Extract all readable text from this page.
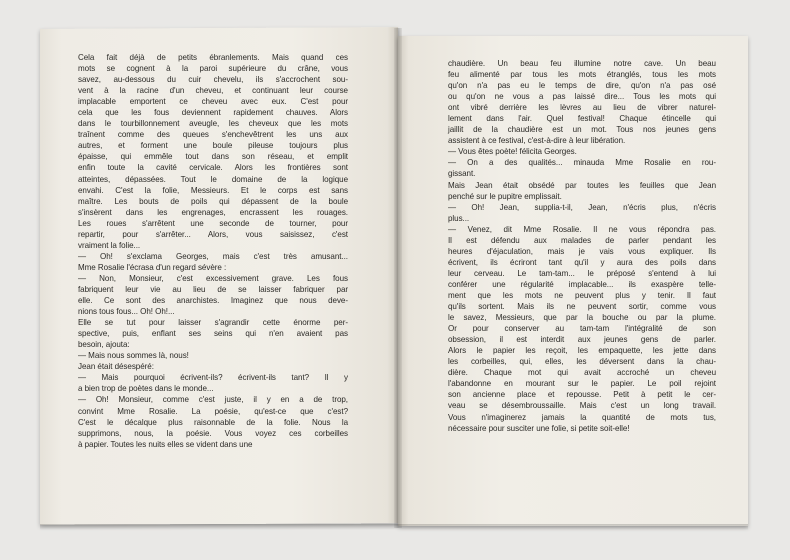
Cela fait déjà de petits ébranlements. Mais quand ces
mots se cognent à la paroi supérieure du crâne, vous
savez, au-dessous du cuir chevelu, ils s'accrochent sou-
vent à la racine d'un cheveu, et continuant leur course
implacable emportent ce cheveu avec eux. C'est pour
cela que les fous deviennent rapidement chauves. Alors
dans le tourbillonnement aveugle, les cheveux que les mots
traînent comme des queues s'enchevêtrent les uns aux
autres, et forment une boule pileuse toujours plus
épaisse, qui emmêle tout dans son réseau, et emplit
enfin toute la cavité cervicale. Alors les frontières sont
atteintes, dépassées. Tout le domaine de la logique
envahi. C'est la folie, Messieurs. Et le corps est sans
maître. Les bouts de poils qui dépassent de la boule
s'insèrent dans les engrenages, encrassent les rouages.
Les roues s'arrêtent une seconde de tourner, pour
repartir, pour s'arrêter... Alors, vous saisissez, c'est
vraiment la folie...
— Oh! s'exclama Georges, mais c'est très amusant...
Mme Rosalie l'écrasa d'un regard sévère :
— Non, Monsieur, c'est excessivement grave. Les fous
fabriquent leur vie au lieu de se laisser fabriquer par
elle. Ce sont des anarchistes. Imaginez que nous deve-
nions tous fous... Oh! Oh!...
Elle se tut pour laisser s'agrandir cette énorme per-
spective, puis, enflant ses seins qui n'en avaient pas
besoin, ajouta:
— Mais nous sommes là, nous!
Jean était désespéré:
— Mais pourquoi écrivent-ils? écrivent-ils tant? Il y
a bien trop de poètes dans le monde...
— Oh! Monsieur, comme c'est juste, il y en a de trop,
convint Mme Rosalie. La poésie, qu'est-ce que c'est?
C'est le décalque plus raisonnable de la folie. Nous la
supprimons, nous, la poésie. Vous voyez ces corbeilles
à papier. Toutes les nuits elles se vident dans une
chaudière. Un beau feu illumine notre cave. Un beau
feu alimenté par tous les mots étranglés, tous les mots
qu'on n'a pas eu le temps de dire, qu'on n'a pas osé
ou qu'on ne vous a pas laissé dire... Tous les mots qui
ont vibré derrière les lèvres au lieu de vibrer naturel-
lement dans l'air. Quel festival! Chaque étincelle qui
jaillit de la chaudière est un mot. Tous nos jeunes gens
assistent à ce festival, c'est-à-dire à leur libération.
— Vous êtes poète! félicita Georges.
— On a des qualités... minauda Mme Rosalie en rou-
gissant.
Mais Jean était obsédé par toutes les feuilles que Jean
penché sur le pupitre emplissait.
— Oh! Jean, supplia-t-il, Jean, n'écris plus, n'écris
plus...
— Venez, dit Mme Rosalie. Il ne vous répondra pas.
Il est défendu aux malades de parler pendant les
heures d'éjaculation, mais je vais vous expliquer. Ils
écrivent, ils écriront tant qu'il y aura des poils dans
leur cerveau. Le tam-tam... le préposé s'entend à lui
conférer une régularité implacable... ils exaspère telle-
ment que les mots ne peuvent plus y tenir. Il faut
qu'ils sortent. Mais ils ne peuvent sortir, comme vous
le savez, Messieurs, que par la bouche ou par la plume.
Or pour conserver au tam-tam l'intégralité de son
obsession, il est interdit aux jeunes gens de parler.
Alors le papier les reçoit, les empaquette, les jette dans
les corbeilles, qui, elles, les déversent dans la chau-
dière. Chaque mot qui avait accroché un cheveu
l'abandonne en mourant sur le papier. Le poil rejoint
son ancienne place et repousse. Petit à petit le cer-
veau se désembroussaille. Mais c'est un long travail.
Vous n'imaginerez jamais la quantité de mots tus,
nécessaire pour susciter une folie, si petite soit-elle!
